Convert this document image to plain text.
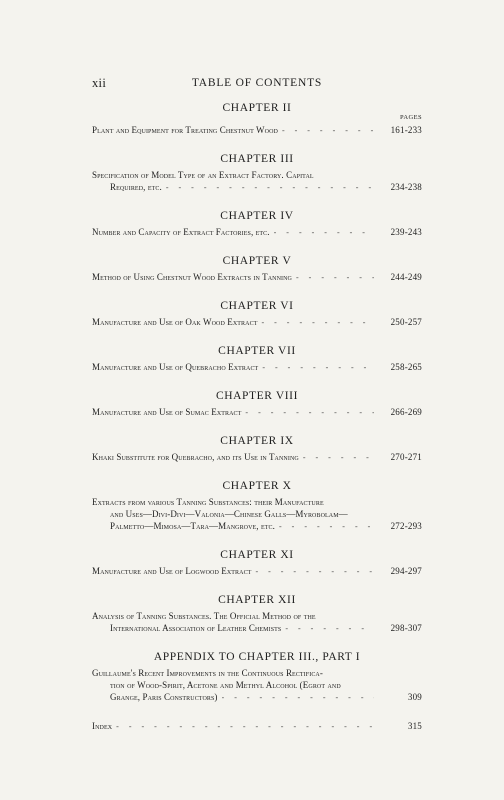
xii	TABLE OF CONTENTS
CHAPTER II
PAGES
Plant and Equipment for Treating Chestnut Wood - - -	161-233
CHAPTER III
Specification of Model Type of an Extract Factory. Capital
Required, etc. - - -	234-238
CHAPTER IV
Number and Capacity of Extract Factories, etc. - - -	239-243
CHAPTER V
Method of Using Chestnut Wood Extracts in Tanning - - -	244-249
CHAPTER VI
Manufacture and Use of Oak Wood Extract - - -	250-257
CHAPTER VII
Manufacture and Use of Quebracho Extract - - -	258-265
CHAPTER VIII
Manufacture and Use of Sumac Extract - - -	266-269
CHAPTER IX
Khaki Substitute for Quebracho, and its Use in Tanning - - -	270-271
CHAPTER X
Extracts from various Tanning Substances: their Manufacture
and Uses—Divi-Divi—Valonia—Chinese Galls—Myrobolam—
Palmetto—Mimosa—Tara—Mangrove, etc. - - -	272-293
CHAPTER XI
Manufacture and Use of Logwood Extract - - -	294-297
CHAPTER XII
Analysis of Tanning Substances. The Official Method of the
International Association of Leather Chemists - - -	298-307
APPENDIX TO CHAPTER III., PART I
Guillaume's Recent Improvements in the Continuous Rectifica-
tion of Wood-Spirit, Acetone and Methyl Alcohol (Egrot and
Grange, Paris Constructors) - - -	309
Index - - -	315
